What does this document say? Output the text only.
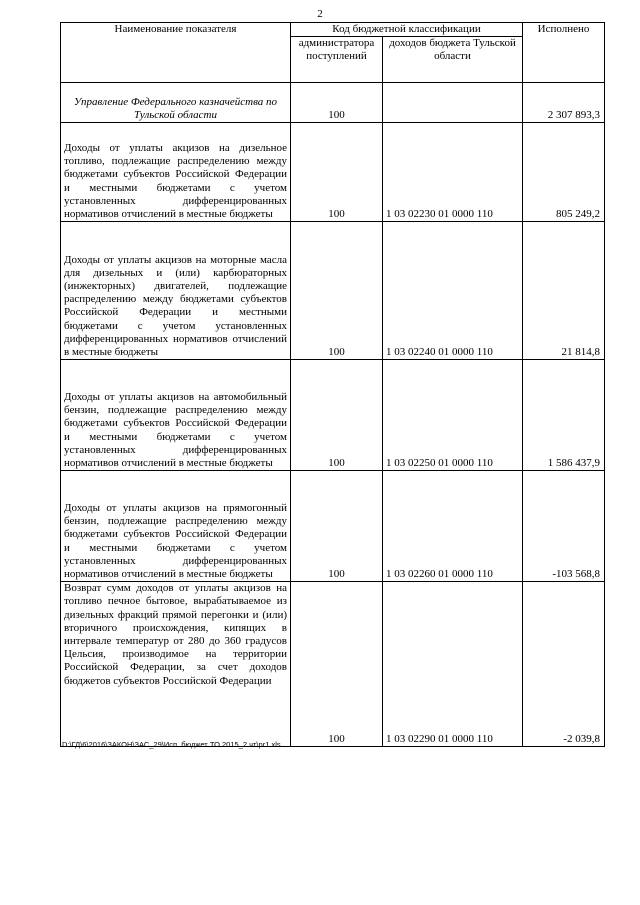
2
Наименование показателя	Код бюджетной классификации		Исполнено
	администратора поступлений	доходов бюджета Тульской области	
Управление Федерального казначейства по Тульской области	100		2 307 893,3
Доходы от уплаты акцизов на дизельное топливо, подлежащие распределению между бюджетами субъектов Российской Федерации и местными бюджетами с учетом установленных дифференцированных нормативов отчислений в местные бюджеты	100	1 03 02230 01 0000 110	805 249,2
Доходы от уплаты акцизов на моторные масла для дизельных и (или) карбюраторных (инжекторных) двигателей, подлежащие распределению между бюджетами субъектов Российской Федерации и местными бюджетами с учетом установленных дифференцированных нормативов отчислений в местные бюджеты	100	1 03 02240 01 0000 110	21 814,8
Доходы от уплаты акцизов на автомобильный бензин, подлежащие распределению между бюджетами субъектов Российской Федерации и местными бюджетами с учетом установленных дифференцированных нормативов отчислений в местные бюджеты	100	1 03 02250 01 0000 110	1 586 437,9
Доходы от уплаты акцизов на прямогонный бензин, подлежащие распределению между бюджетами субъектов Российской Федерации и местными бюджетами с учетом установленных дифференцированных нормативов отчислений в местные бюджеты	100	1 03 02260 01 0000 110	-103 568,8
Возврат сумм доходов от уплаты акцизов на топливо печное бытовое, вырабатываемое из дизельных фракций прямой перегонки и (или) вторичного происхождения, кипящих в интервале температур от 280 до 360 градусов Цельсия, производимое на территории Российской Федерации, за счет доходов бюджетов субъектов Российской Федерации	100	1 03 02290 01 0000 110	-2 039,8
D:\ГД\6\2016\ЗАКОН\ЗАС_29\Исп. бюджет ТО 2015_2 чт\pr1.xls
